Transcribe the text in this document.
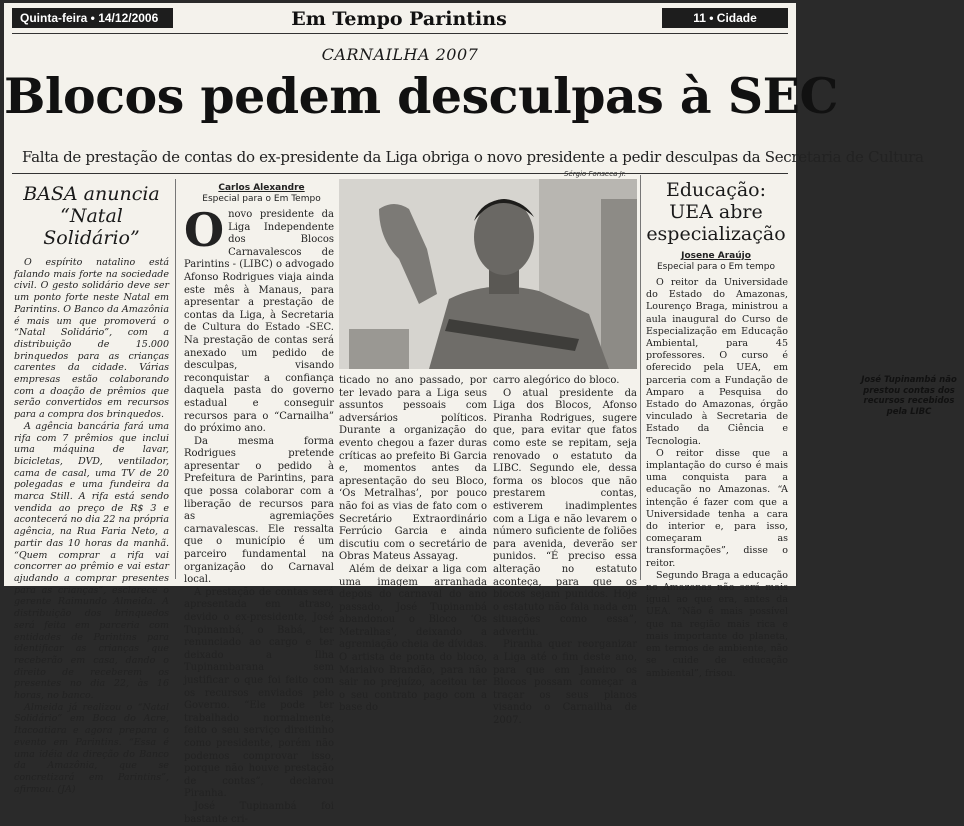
Quinta-feira • 14/12/2006	Em Tempo Parintins	11 • Cidade
CARNAILHA 2007
Blocos pedem desculpas à SEC
Falta de prestação de contas do ex-presidente da Liga obriga o novo presidente a pedir desculpas da Secretaria de Cultura
BASA anuncia “Natal Solidário”

O espírito natalino está falando mais forte na sociedade civil. O gesto solidário deve ser um ponto forte neste Natal em Parintins. O Banco da Amazônia é mais um que promoverá o “Natal Solidário”, com a distribuição de 15.000 brinquedos para as crianças carentes da cidade. Várias empresas estão colaborando com a doação de prêmios que serão convertidos em recursos para a compra dos brinquedos.

A agência bancária fará uma rifa com 7 prêmios que inclui uma máquina de lavar, bicicletas, DVD, ventilador, cama de casal, uma TV de 20 polegadas e uma fundeira da marca Still. A rifa está sendo vendida ao preço de R$ 3 e acontecerá no dia 22 na própria agência, na Rua Faria Neto, a partir das 10 horas da manhã. “Quem comprar a rifa vai concorrer ao prêmio e vai estar ajudando a comprar presentes para as crianças”, esclarece o gerente Raimundo Almeida. A distribuição dos brinquedos será feita em parceria com entidades de Parintins para identificar as crianças que receberão em casa, dando o direito de receberem os presentes no dia 22, às 16 horas, no banco.

Almeida já realizou o “Natal Solidário” em Boca do Acre, Itacoatiara e agora prepara o evento em Parintins. “Essa é uma idéia da direção do Banco da Amazônia, que se concretizará em Parintins”, afirmou. (JA)

Carlos Alexandre
Especial para o Em Tempo
O novo presidente da Liga Independente dos Blocos Carnavalescos de Parintins - (LIBC) o advogado Afonso Rodrigues viaja ainda este mês à Manaus, para apresentar a prestação de contas da Liga, à Secretaria de Cultura do Estado -SEC. Na prestação de contas será anexado um pedido de desculpas, visando reconquistar a confiança daquela pasta do governo estadual e conseguir recursos para o “Carnailha” do próximo ano.

Da mesma forma Rodrigues pretende apresentar o pedido à Prefeitura de Parintins, para que possa colaborar com a liberação de recursos para as agremiações carnavalescas. Ele ressalta que o município é um parceiro fundamental na organização do Carnaval local.

A prestação de contas será apresentada em atraso, devido o ex-presidente, José Tupinambá, o Babá, ter renunciado ao cargo e ter deixado a Ilha Tupinambarana sem justificar o que foi feito com os recursos enviados pelo Governo. “Ele pode ter trabalhado normalmente, feito o seu serviço direitinho como presidente, porém não podemos comprovar isso, porque não houve prestação de contas”, declarou Piranha.

José Tupinambá foi bastante cri-

Sérgio Fonseca Jr.
José Tupinambá não prestou contas dos recursos recebidos pela LIBC

ticado no ano passado, por ter levado para a Liga seus assuntos pessoais com adversários políticos. Durante a organização do evento chegou a fazer duras críticas ao prefeito Bi Garcia e, momentos antes da apresentação do seu Bloco, ‘Os Metralhas’, por pouco não foi as vias de fato com o Secretário Extraordinário Ferrúcio Garcia e ainda discutiu com o secretário de Obras Mateus Assayag.

Além de deixar a liga com uma imagem arranhada depois do carnaval do ano passado, José Tupinambá abandonou o Bloco ‘Os Metralhas’, deixando a agremiação cheia de dívidas. O artista de ponta do bloco, Marialvo Brandão, para não sair no prejuízo, aceitou ter o seu contrato pago com a base do

carro alegórico do bloco.

O atual presidente da Liga dos Blocos, Afonso Piranha Rodrigues, sugere que, para evitar que fatos como este se repitam, seja renovado o estatuto da LIBC. Segundo ele, dessa forma os blocos que não prestarem contas, estiverem inadimplentes com a Liga e não levarem o número suficiente de foliões para avenida, deverão ser punidos. “É preciso essa alteração no estatuto aconteça, para que os blocos sejam punidos. Hoje o estatuto não fala nada em situações como essa”, advertiu.

Piranha quer reorganizar a Liga até o fim deste ano, para que em Janeiro os Blocos possam começar a traçar os seus planos visando o Carnailha de 2007.

Educação: UEA abre especialização
Josene Araújo
Especial para o Em tempo

O reitor da Universidade do Estado do Amazonas, Lourenço Braga, ministrou a aula inaugural do Curso de Especialização em Educação Ambiental, para 45 professores. O curso é oferecido pela UEA, em parceria com a Fundação de Amparo a Pesquisa do Estado do Amazonas, órgão vinculado à Secretaria de Estado da Ciência e Tecnologia.

O reitor disse que a implantação do curso é mais uma conquista para a educação no Amazonas. “A intenção é fazer com que a Universidade tenha a cara do interior e, para isso, começaram as transformações”, disse o reitor.

Segundo Braga a educação no Amazonas não será mais igual ao que era, antes da UEA. “Não é mais possível que na região mais rica e mais importante do planeta, em termos de ambiente, não se cuide de educação ambiental”, frisou.
